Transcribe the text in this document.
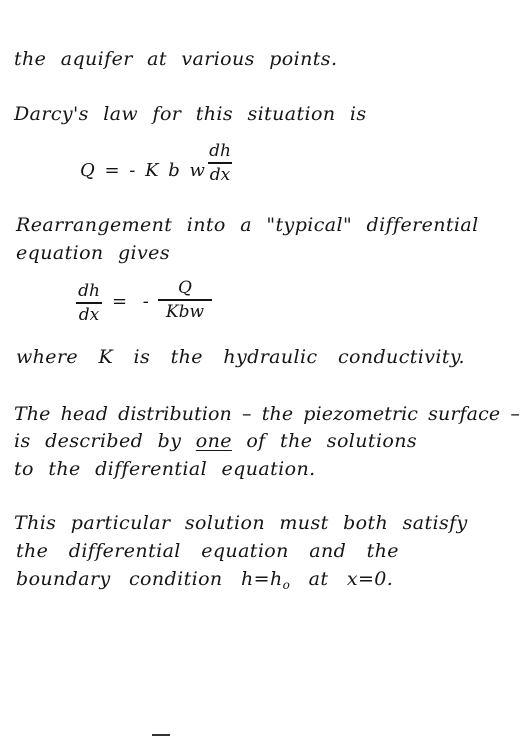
the aquifer at various points.
Darcy's law for this situation is
Q = - K b w
dh
dx
Rearrangement into a "typical" differential
equation gives
dh
dx
= -
Q
Kbw
where K is the hydraulic conductivity.
The head distribution – the piezometric surface –
is described by one of the solutions
to the differential equation.
This particular solution must both satisfy
the differential equation and the
boundary condition $h=h_o$ at x=0.
